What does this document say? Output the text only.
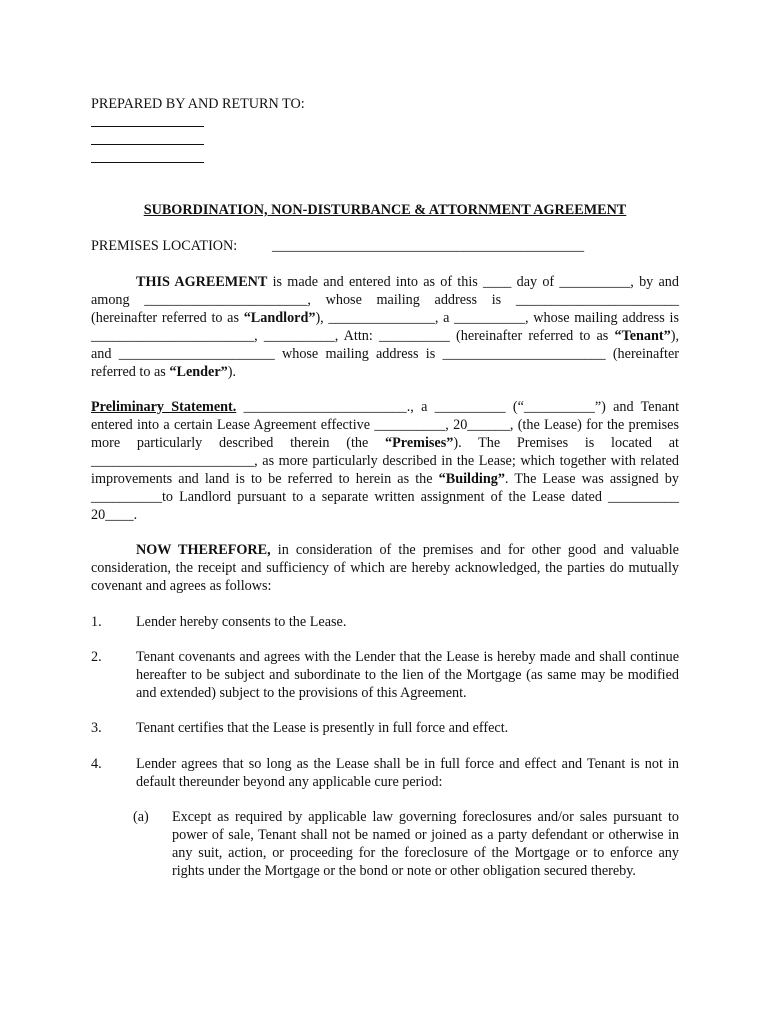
PREPARED BY AND RETURN TO:
SUBORDINATION, NON-DISTURBANCE & ATTORNMENT AGREEMENT
PREMISES LOCATION: ____________________________________________
THIS AGREEMENT is made and entered into as of this ____ day of __________, by and among _______________________, whose mailing address is _______________________ (hereinafter referred to as “Landlord”), _______________, a __________, whose mailing address is _______________________, __________, Attn: __________ (hereinafter referred to as “Tenant”), and ______________________ whose mailing address is _______________________ (hereinafter referred to as “Lender”).
Preliminary Statement. _______________________., a __________ (“__________”) and Tenant entered into a certain Lease Agreement effective __________, 20______, (the Lease) for the premises more particularly described therein (the “Premises”). The Premises is located at _______________________, as more particularly described in the Lease; which together with related improvements and land is to be referred to herein as the “Building”. The Lease was assigned by __________to Landlord pursuant to a separate written assignment of the Lease dated __________ 20____.
NOW THEREFORE, in consideration of the premises and for other good and valuable consideration, the receipt and sufficiency of which are hereby acknowledged, the parties do mutually covenant and agrees as follows:
1. Lender hereby consents to the Lease.
2. Tenant covenants and agrees with the Lender that the Lease is hereby made and shall continue hereafter to be subject and subordinate to the lien of the Mortgage (as same may be modified and extended) subject to the provisions of this Agreement.
3. Tenant certifies that the Lease is presently in full force and effect.
4. Lender agrees that so long as the Lease shall be in full force and effect and Tenant is not in default thereunder beyond any applicable cure period:
(a) Except as required by applicable law governing foreclosures and/or sales pursuant to power of sale, Tenant shall not be named or joined as a party defendant or otherwise in any suit, action, or proceeding for the foreclosure of the Mortgage or to enforce any rights under the Mortgage or the bond or note or other obligation secured thereby.
